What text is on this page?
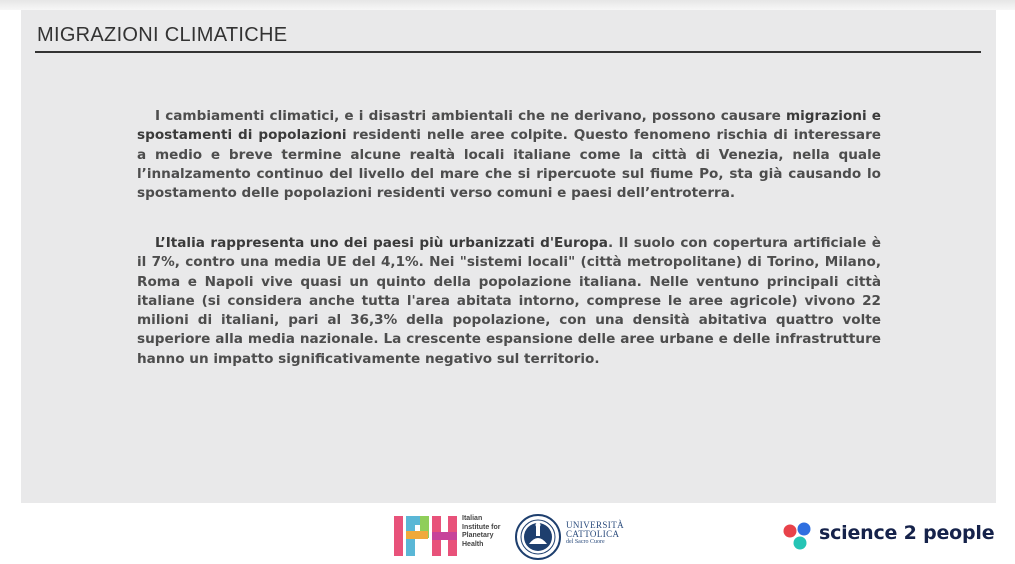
MIGRAZIONI CLIMATICHE
I cambiamenti climatici, e i disastri ambientali che ne derivano, possono causare migrazioni e spostamenti di popolazioni residenti nelle aree colpite. Questo fenomeno rischia di interessare a medio e breve termine alcune realtà locali italiane come la città di Venezia, nella quale l’innalzamento continuo del livello del mare che si ripercuote sul fiume Po, sta già causando lo spostamento delle popolazioni residenti verso comuni e paesi dell’entroterra.
L’Italia rappresenta uno dei paesi più urbanizzati d'Europa. Il suolo con copertura artificiale è il 7%, contro una media UE del 4,1%. Nei "sistemi locali" (città metropolitane) di Torino, Milano, Roma e Napoli vive quasi un quinto della popolazione italiana. Nelle ventuno principali città italiane (si considera anche tutta l'area abitata intorno, comprese le aree agricole) vivono 22 milioni di italiani, pari al 36,3% della popolazione, con una densità abitativa quattro volte superiore alla media nazionale. La crescente espansione delle aree urbane e delle infrastrutture hanno un impatto significativamente negativo sul territorio.
Italian
Institute for
Planetary
Health
UNIVERSITÀ
CATTOLICA
del Sacro Cuore	science 2 people
